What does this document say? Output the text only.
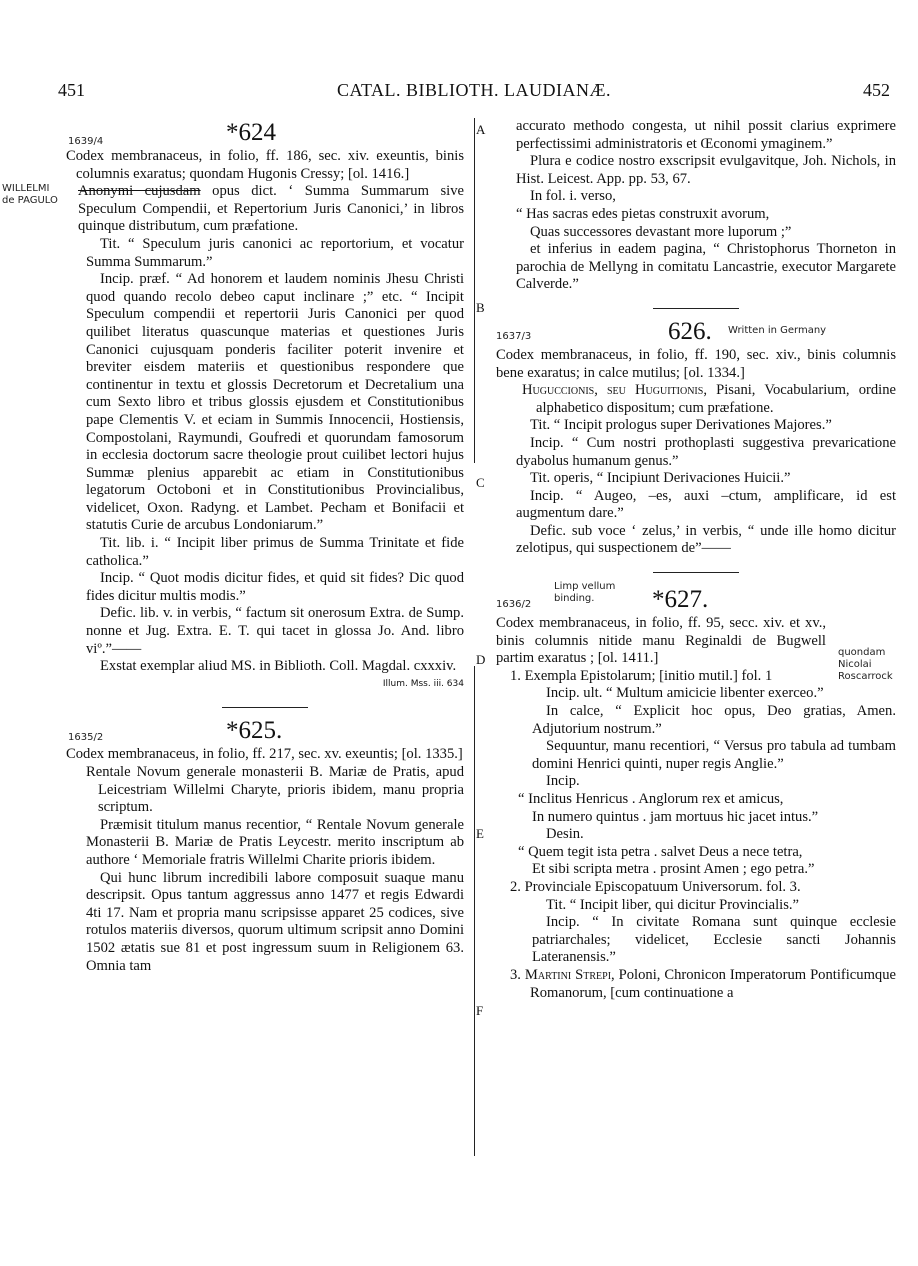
451	CATAL. BIBLIOTH. LAUDIANÆ.	452
A
B
C
D
E
F
1639/4	*624

Codex membranaceus, in folio, ff. 186, sec. xiv. exeuntis, binis columnis exaratus; quondam Hugonis Cressy; [ol. 1416.]

WILLELMI de PAGULO

Anonymi cujusdam opus dict. ‘ Summa Summarum sive Speculum Compendii, et Repertorium Juris Canonici,’ in libros quinque distributum, cum præfatione.

Tit. “ Speculum juris canonici ac reportorium, et vocatur Summa Summarum.”

Incip. præf. “ Ad honorem et laudem nominis Jhesu Christi quod quando recolo debeo caput inclinare ;” etc. “ Incipit Speculum compendii et repertorii Juris Canonici per quod quilibet literatus quascunque materias et questiones Juris Canonici cujusquam ponderis faciliter poterit invenire et breviter eisdem materiis et questionibus respondere que continentur in textu et glossis Decretorum et Decretalium una cum Sexto libro et tribus glossis ejusdem et Constitutionibus pape Clementis V. et eciam in Summis Innocencii, Hostiensis, Compostolani, Raymundi, Goufredi et quorundam famosorum in ecclesia doctorum sacre theologie prout cuilibet lectori hujus Summæ plenius apparebit ac etiam in Constitutionibus legatorum Octoboni et in Constitutionibus Provincialibus, videlicet, Oxon. Radyng. et Lambet. Pecham et Bonifacii et statutis Curie de arcubus Londoniarum.”

Tit. lib. i. “ Incipit liber primus de Summa Trinitate et fide catholica.”

Incip. “ Quot modis dicitur fides, et quid sit fides? Dic quod fides dicitur multis modis.”

Defic. lib. v. in verbis, “ factum sit onerosum Extra. de Sump. nonne et Jug. Extra. E. T. qui tacet in glossa Jo. And. libro viº.”——

Exstat exemplar aliud MS. in Biblioth. Coll. Magdal. cxxxiv.

Illum. Mss. iii. 634
1635/2	*625.

Codex membranaceus, in folio, ff. 217, sec. xv. exeuntis; [ol. 1335.]

Rentale Novum generale monasterii B. Mariæ de Pratis, apud Leicestriam Willelmi Charyte, prioris ibidem, manu propria scriptum.

Præmisit titulum manus recentior, “ Rentale Novum generale Monasterii B. Mariæ de Pratis Leycestr. merito inscriptum ab authore ‘ Memoriale fratris Willelmi Charite prioris ibidem.

Qui hunc librum incredibili labore composuit suaque manu descripsit. Opus tantum aggressus anno 1477 et regis Edwardi 4ti 17. Nam et propria manu scripsisse apparet 25 codices, sive rotulos materiis diversos, quorum ultimum scripsit anno Domini 1502 ætatis sue 81 et post ingressum suum in Religionem 63. Omnia tam

accurato methodo congesta, ut nihil possit clarius exprimere perfectissimi administratoris et Œconomi ymaginem.”

Plura e codice nostro exscripsit evulgavitque, Joh. Nichols, in Hist. Leicest. App. pp. 53, 67.

In fol. i. verso,

“ Has sacras edes pietas construxit avorum,

Quas successores devastant more luporum ;”

et inferius in eadem pagina, “ Christophorus Thorneton in parochia de Mellyng in comitatu Lancastrie, executor Margarete Calverde.”

1637/3	626. Written in Germany

Codex membranaceus, in folio, ff. 190, sec. xiv., binis columnis bene exaratus; in calce mutilus; [ol. 1334.]

Huguccionis, seu Huguitionis, Pisani, Vocabularium, ordine alphabetico dispositum; cum præfatione.

Tit. “ Incipit prologus super Derivationes Majores.”

Incip. “ Cum nostri prothoplasti suggestiva prevaricatione dyabolus humanum genus.”

Tit. operis, “ Incipiunt Derivaciones Huicii.”

Incip. “ Augeo, –es, auxi –ctum, amplificare, id est augmentum dare.”

Defic. sub voce ‘ zelus,’ in verbis, “ unde ille homo dicitur zelotipus, qui suspectionem de”——

1636/2
Limp vellum binding.	*627.

Codex membranaceus, in folio, ff. 95, secc. xiv. et xv., binis columnis nitide manu Reginaldi de Bugwell partim exaratus ; [ol. 1411.]	quondam Nicolai Roscarrock

1. Exempla Epistolarum; [initio mutil.] fol. 1

Incip. ult. “ Multum amicicie libenter exerceo.”

In calce, “ Explicit hoc opus, Deo gratias, Amen. Adjutorium nostrum.”

Sequuntur, manu recentiori, “ Versus pro tabula ad tumbam domini Henrici quinti, nuper regis Anglie.”

Incip.

“ Inclitus Henricus . Anglorum rex et amicus,

In numero quintus . jam mortuus hic jacet intus.”

Desin.

“ Quem tegit ista petra . salvet Deus a nece tetra,

Et sibi scripta metra . prosint Amen ; ego petra.”

2. Provinciale Episcopatuum Universorum. fol. 3.

Tit. “ Incipit liber, qui dicitur Provincialis.”

Incip. “ In civitate Romana sunt quinque ecclesie patriarchales; videlicet, Ecclesie sancti Johannis Lateranensis.”

3. Martini Strepi, Poloni, Chronicon Imperatorum Pontificumque Romanorum, [cum continuatione a
